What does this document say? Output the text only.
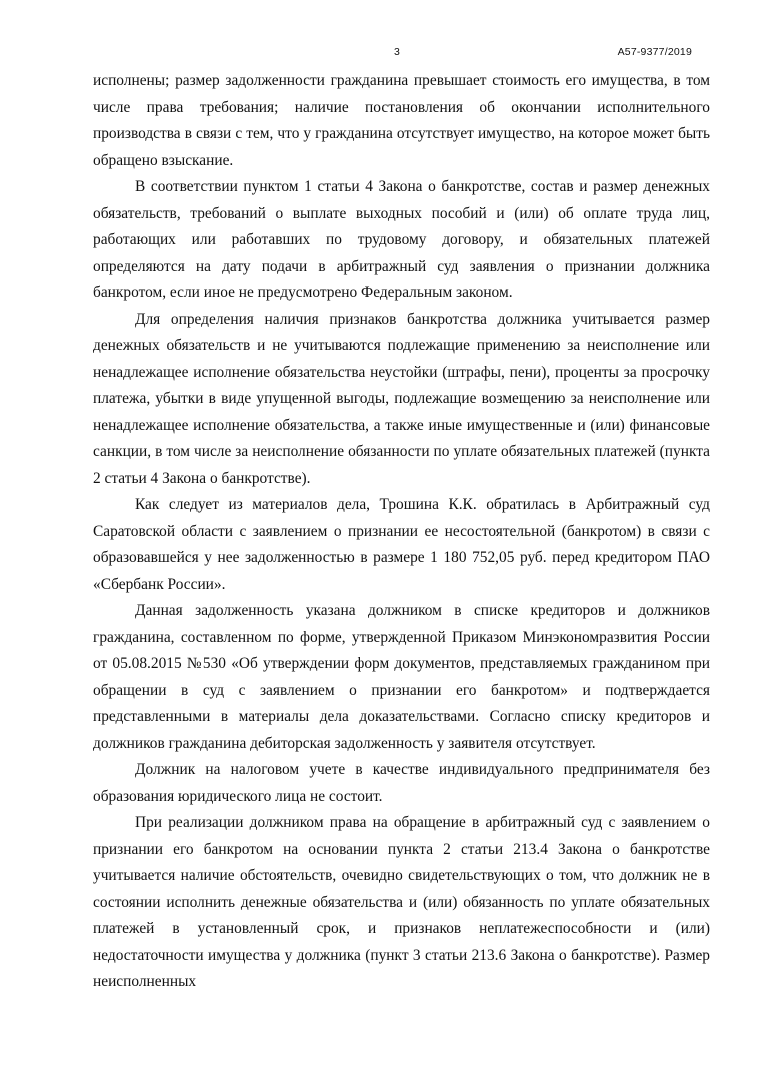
3	А57-9377/2019

исполнены; размер задолженности гражданина превышает стоимость его имущества, в том числе права требования; наличие постановления об окончании исполнительного производства в связи с тем, что у гражданина отсутствует имущество, на которое может быть обращено взыскание.

В соответствии пунктом 1 статьи 4 Закона о банкротстве, состав и размер денежных обязательств, требований о выплате выходных пособий и (или) об оплате труда лиц, работающих или работавших по трудовому договору, и обязательных платежей определяются на дату подачи в арбитражный суд заявления о признании должника банкротом, если иное не предусмотрено Федеральным законом.

Для определения наличия признаков банкротства должника учитывается размер денежных обязательств и не учитываются подлежащие применению за неисполнение или ненадлежащее исполнение обязательства неустойки (штрафы, пени), проценты за просрочку платежа, убытки в виде упущенной выгоды, подлежащие возмещению за неисполнение или ненадлежащее исполнение обязательства, а также иные имущественные и (или) финансовые санкции, в том числе за неисполнение обязанности по уплате обязательных платежей (пункта 2 статьи 4 Закона о банкротстве).

Как следует из материалов дела, Трошина К.К. обратилась в Арбитражный суд Саратовской области с заявлением о признании ее несостоятельной (банкротом) в связи с образовавшейся у нее задолженностью в размере 1 180 752,05 руб. перед кредитором ПАО «Сбербанк России».

Данная задолженность указана должником в списке кредиторов и должников гражданина, составленном по форме, утвержденной Приказом Минэкономразвития России от 05.08.2015 №530 «Об утверждении форм документов, представляемых гражданином при обращении в суд с заявлением о признании его банкротом» и подтверждается представленными в материалы дела доказательствами. Согласно списку кредиторов и должников гражданина дебиторская задолженность у заявителя отсутствует.

Должник на налоговом учете в качестве индивидуального предпринимателя без образования юридического лица не состоит.

При реализации должником права на обращение в арбитражный суд с заявлением о признании его банкротом на основании пункта 2 статьи 213.4 Закона о банкротстве учитывается наличие обстоятельств, очевидно свидетельствующих о том, что должник не в состоянии исполнить денежные обязательства и (или) обязанность по уплате обязательных платежей в установленный срок, и признаков неплатежеспособности и (или) недостаточности имущества у должника (пункт 3 статьи 213.6 Закона о банкротстве). Размер неисполненных
